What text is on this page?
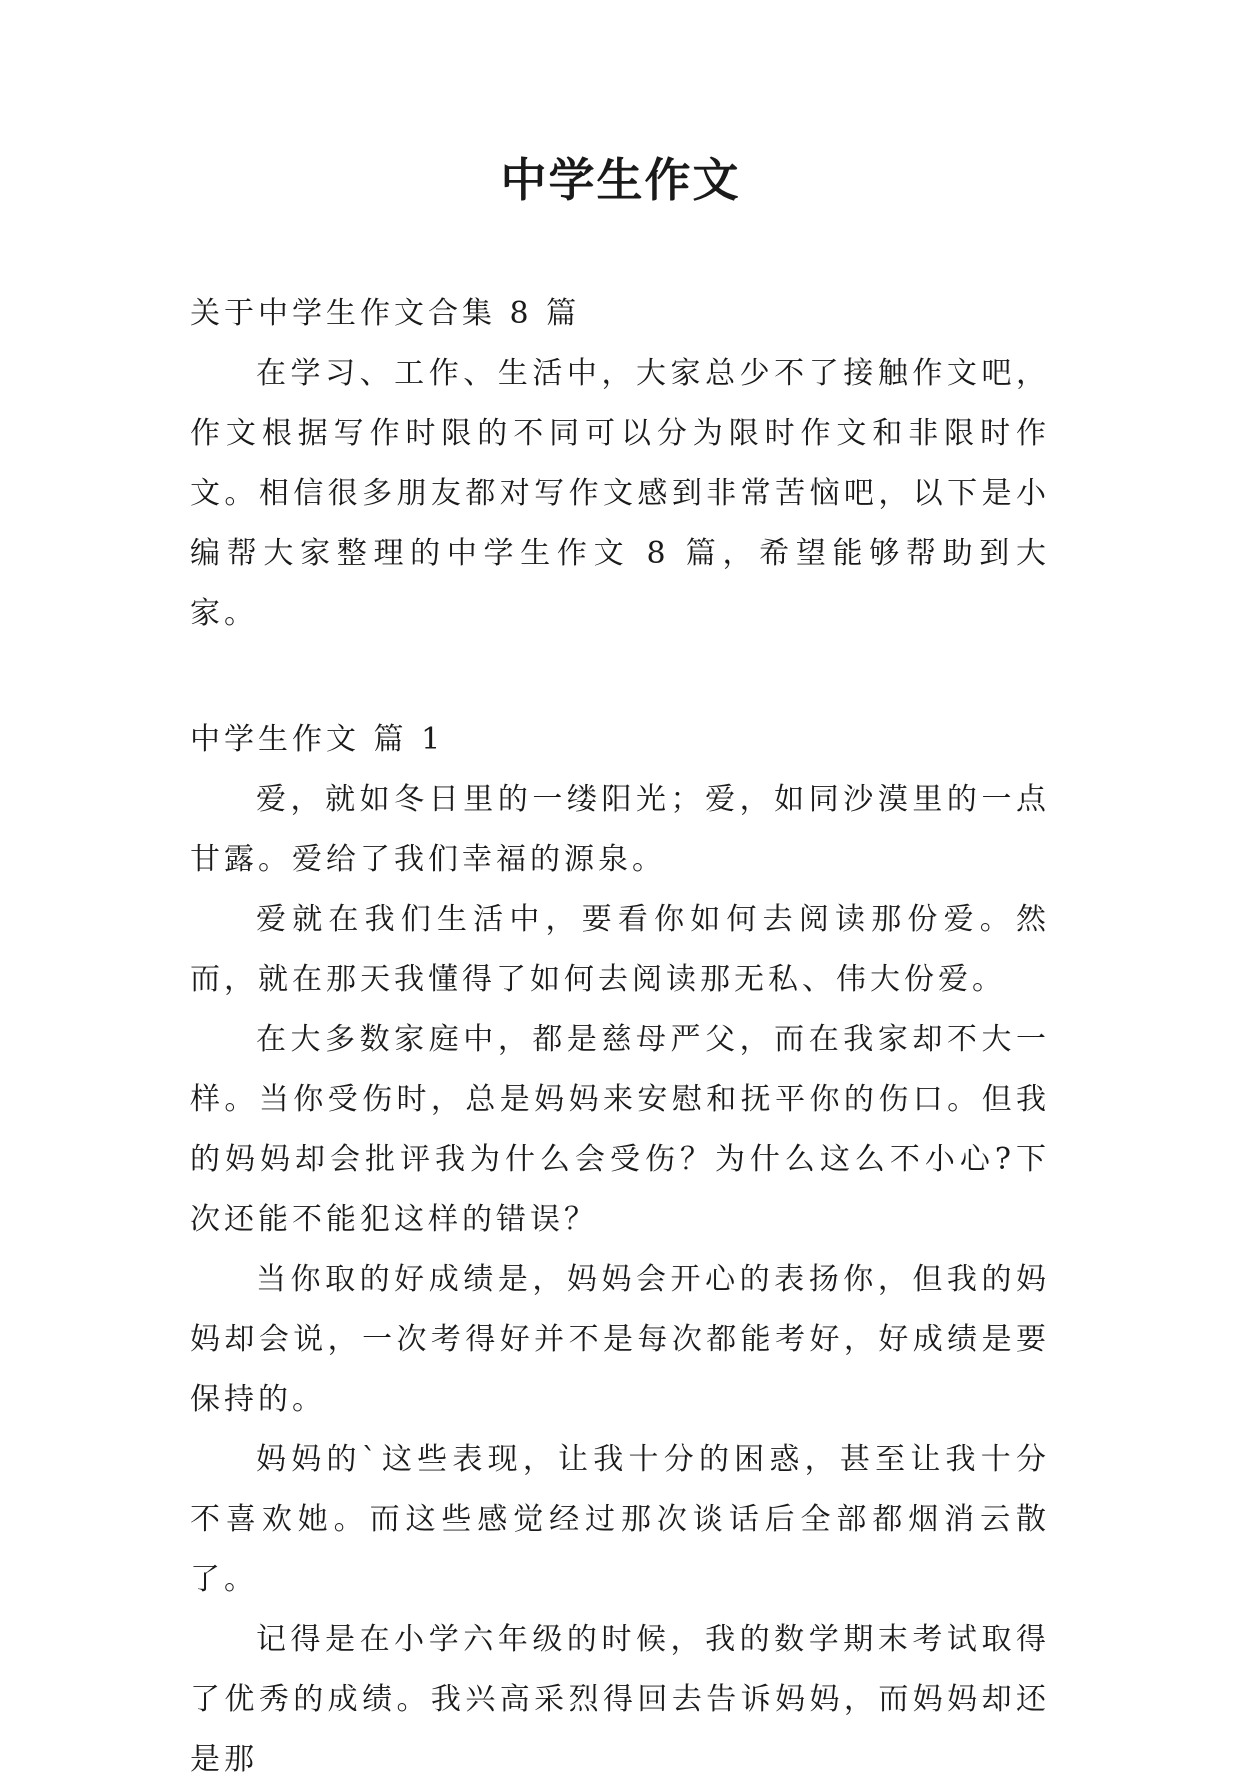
中学生作文

关于中学生作文合集 8 篇

在学习、工作、生活中，大家总少不了接触作文吧，作文根据写作时限的不同可以分为限时作文和非限时作文。相信很多朋友都对写作文感到非常苦恼吧，以下是小编帮大家整理的中学生作文 8 篇，希望能够帮助到大家。

中学生作文 篇 1

爱，就如冬日里的一缕阳光；爱，如同沙漠里的一点甘露。爱给了我们幸福的源泉。

爱就在我们生活中，要看你如何去阅读那份爱。然而，就在那天我懂得了如何去阅读那无私、伟大份爱。

在大多数家庭中，都是慈母严父，而在我家却不大一样。当你受伤时，总是妈妈来安慰和抚平你的伤口。但我的妈妈却会批评我为什么会受伤？为什么这么不小心?下次还能不能犯这样的错误？

当你取的好成绩是，妈妈会开心的表扬你，但我的妈妈却会说，一次考得好并不是每次都能考好，好成绩是要保持的。

妈妈的`这些表现，让我十分的困惑，甚至让我十分不喜欢她。而这些感觉经过那次谈话后全部都烟消云散了。

记得是在小学六年级的时候，我的数学期末考试取得了优秀的成绩。我兴高采烈得回去告诉妈妈，而妈妈却还是那
